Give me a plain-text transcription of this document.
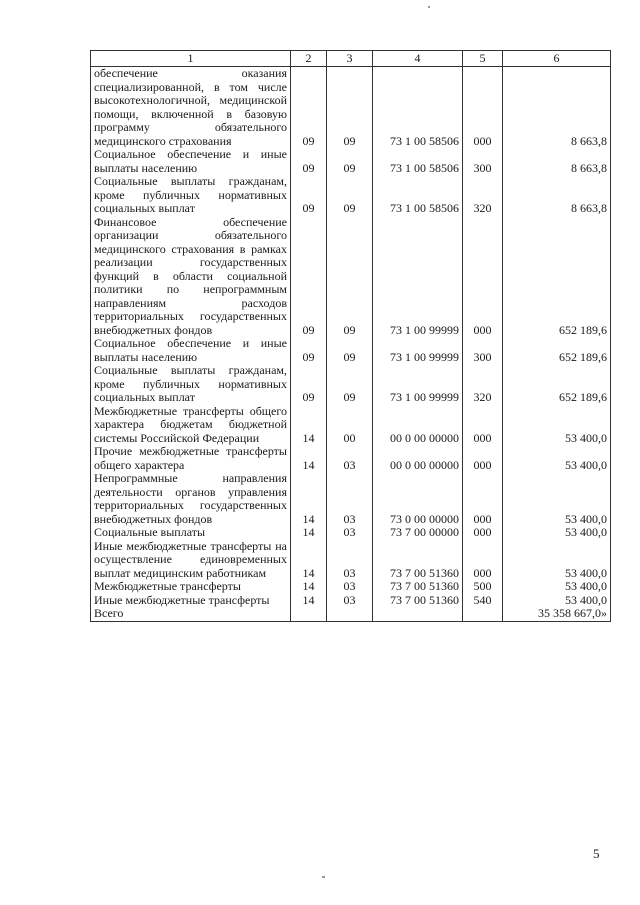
1	2	3	4	5	6
обеспечение оказания специализированной, в том числе высокотехнологичной, медицинской помощи, включенной в базовую программу обязательного медицинского страхования	09	09	73 1 00 58506	000	8 663,8
Социальное обеспечение и иные выплаты населению	09	09	73 1 00 58506	300	8 663,8
Социальные выплаты гражданам, кроме публичных нормативных социальных выплат	09	09	73 1 00 58506	320	8 663,8
Финансовое обеспечение организации обязательного медицинского страхования в рамках реализации государственных функций в области социальной политики по непрограммным направлениям расходов территориальных государственных внебюджетных фондов	09	09	73 1 00 99999	000	652 189,6
Социальное обеспечение и иные выплаты населению	09	09	73 1 00 99999	300	652 189,6
Социальные выплаты гражданам, кроме публичных нормативных социальных выплат	09	09	73 1 00 99999	320	652 189,6
Межбюджетные трансферты общего характера бюджетам бюджетной системы Российской Федерации	14	00	00 0 00 00000	000	53 400,0
Прочие межбюджетные трансферты общего характера	14	03	00 0 00 00000	000	53 400,0
Непрограммные направления деятельности органов управления территориальных государственных внебюджетных фондов	14	03	73 0 00 00000	000	53 400,0
Социальные выплаты	14	03	73 7 00 00000	000	53 400,0
Иные межбюджетные трансферты на осуществление единовременных выплат медицинским работникам	14	03	73 7 00 51360	000	53 400,0
Межбюджетные трансферты	14	03	73 7 00 51360	500	53 400,0
Иные межбюджетные трансферты	14	03	73 7 00 51360	540	53 400,0
Всего					35 358 667,0»
5
